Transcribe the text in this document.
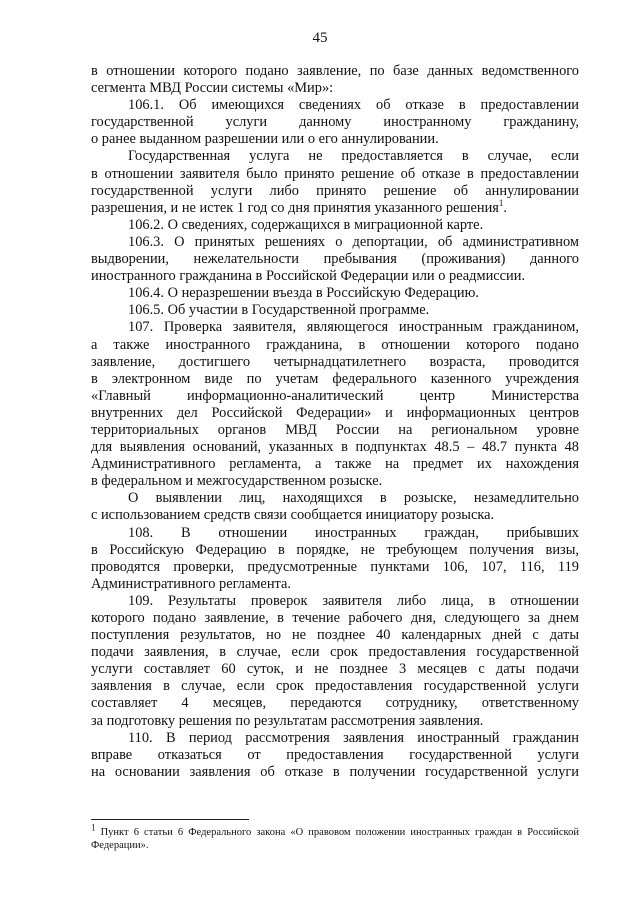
45

в отношении которого подано заявление, по базе данных ведомственного

сегмента МВД России системы «Мир»:

106.1. Об имеющихся сведениях об отказе в предоставлении

государственной услуги данному иностранному гражданину,

о ранее выданном разрешении или о его аннулировании.

Государственная услуга не предоставляется в случае, если

в отношении заявителя было принято решение об отказе в предоставлении

государственной услуги либо принято решение об аннулировании

разрешения, и не истек 1 год со дня принятия указанного решения$^1$.

106.2. О сведениях, содержащихся в миграционной карте.

106.3. О принятых решениях о депортации, об административном

выдворении, нежелательности пребывания (проживания) данного

иностранного гражданина в Российской Федерации или о реадмиссии.

106.4. О неразрешении въезда в Российскую Федерацию.

106.5. Об участии в Государственной программе.

107. Проверка заявителя, являющегося иностранным гражданином,

а также иностранного гражданина, в отношении которого подано

заявление, достигшего четырнадцатилетнего возраста, проводится

в электронном виде по учетам федерального казенного учреждения

«Главный информационно-аналитический центр Министерства

внутренних дел Российской Федерации» и информационных центров

территориальных органов МВД России на региональном уровне

для выявления оснований, указанных в подпунктах 48.5 – 48.7 пункта 48

Административного регламента, а также на предмет их нахождения

в федеральном и межгосударственном розыске.

О выявлении лиц, находящихся в розыске, незамедлительно

с использованием средств связи сообщается инициатору розыска.

108. В отношении иностранных граждан, прибывших

в Российскую Федерацию в порядке, не требующем получения визы,

проводятся проверки, предусмотренные пунктами 106, 107, 116, 119

Административного регламента.

109. Результаты проверок заявителя либо лица, в отношении

которого подано заявление, в течение рабочего дня, следующего за днем

поступления результатов, но не позднее 40 календарных дней с даты

подачи заявления, в случае, если срок предоставления государственной

услуги составляет 60 суток, и не позднее 3 месяцев с даты подачи

заявления в случае, если срок предоставления государственной услуги

составляет 4 месяцев, передаются сотруднику, ответственному

за подготовку решения по результатам рассмотрения заявления.

110. В период рассмотрения заявления иностранный гражданин

вправе отказаться от предоставления государственной услуги

на основании заявления об отказе в получении государственной услуги

$^1$ Пункт 6 статьи 6 Федерального закона «О правовом положении иностранных граждан в Российской

Федерации».
